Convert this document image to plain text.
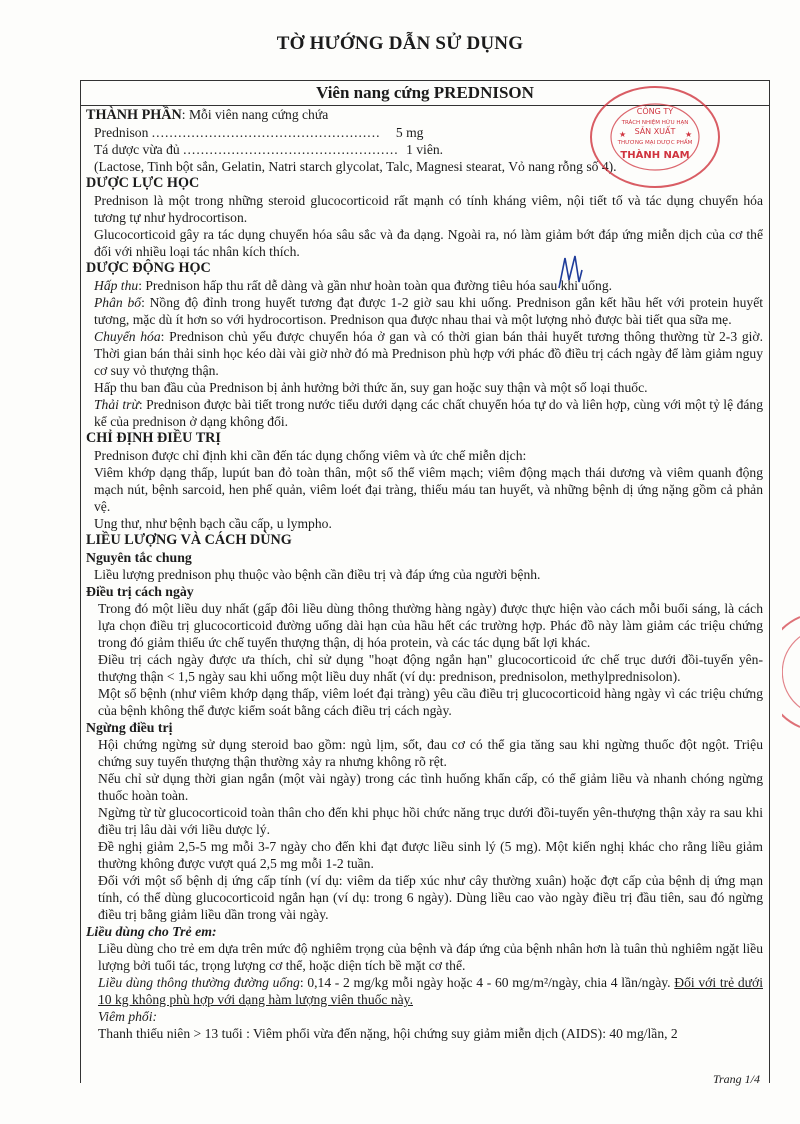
TỜ HƯỚNG DẪN SỬ DỤNG
Viên nang cứng PREDNISON
THÀNH PHẦN: Mỗi viên nang cứng chứa
Prednison .................................................... 5 mg
Tá dược vừa đủ ................................................. 1 viên.
(Lactose, Tinh bột sắn, Gelatin, Natri starch glycolat, Talc, Magnesi stearat, Vỏ nang rỗng số 4).
DƯỢC LỰC HỌC
Prednison là một trong những steroid glucocorticoid rất mạnh có tính kháng viêm, nội tiết tố và tác dụng chuyển hóa tương tự như hydrocortison.
Glucocorticoid gây ra tác dụng chuyển hóa sâu sắc và đa dạng. Ngoài ra, nó làm giảm bớt đáp ứng miễn dịch của cơ thể đối với nhiều loại tác nhân kích thích.
DƯỢC ĐỘNG HỌC
Hấp thu: Prednison hấp thu rất dễ dàng và gần như hoàn toàn qua đường tiêu hóa sau khi uống.
Phân bố: Nồng độ đỉnh trong huyết tương đạt được 1-2 giờ sau khi uống. Prednison gắn kết hầu hết với protein huyết tương, mặc dù ít hơn so với hydrocortison. Prednison qua được nhau thai và một lượng nhỏ được bài tiết qua sữa mẹ.
Chuyển hóa: Prednison chủ yếu được chuyển hóa ở gan và có thời gian bán thải huyết tương thông thường từ 2-3 giờ. Thời gian bán thải sinh học kéo dài vài giờ nhờ đó mà Prednison phù hợp với phác đồ điều trị cách ngày để làm giảm nguy cơ suy vỏ thượng thận.
Hấp thu ban đầu của Prednison bị ảnh hưởng bởi thức ăn, suy gan hoặc suy thận và một số loại thuốc.
Thải trừ: Prednison được bài tiết trong nước tiểu dưới dạng các chất chuyển hóa tự do và liên hợp, cùng với một tỷ lệ đáng kể của prednison ở dạng không đổi.
CHỈ ĐỊNH ĐIỀU TRỊ
Prednison được chỉ định khi cần đến tác dụng chống viêm và ức chế miễn dịch:
Viêm khớp dạng thấp, lupút ban đỏ toàn thân, một số thể viêm mạch; viêm động mạch thái dương và viêm quanh động mạch nút, bệnh sarcoid, hen phế quản, viêm loét đại tràng, thiếu máu tan huyết, và những bệnh dị ứng nặng gồm cả phản vệ.
Ung thư, như bệnh bạch cầu cấp, u lympho.
LIỀU LƯỢNG VÀ CÁCH DÙNG
Nguyên tắc chung
Liều lượng prednison phụ thuộc vào bệnh cần điều trị và đáp ứng của người bệnh.
Điều trị cách ngày
Trong đó một liều duy nhất (gấp đôi liều dùng thông thường hàng ngày) được thực hiện vào cách mỗi buổi sáng, là cách lựa chọn điều trị glucocorticoid đường uống dài hạn của hầu hết các trường hợp. Phác đồ này làm giảm các triệu chứng trong đó giảm thiểu ức chế tuyến thượng thận, dị hóa protein, và các tác dụng bất lợi khác.
Điều trị cách ngày được ưa thích, chỉ sử dụng "hoạt động ngắn hạn" glucocorticoid ức chế trục dưới đồi-tuyến yên-thượng thận < 1,5 ngày sau khi uống một liều duy nhất (ví dụ: prednison, prednisolon, methylprednisolon).
Một số bệnh (như viêm khớp dạng thấp, viêm loét đại tràng) yêu cầu điều trị glucocorticoid hàng ngày vì các triệu chứng của bệnh không thể được kiểm soát bằng cách điều trị cách ngày.
Ngừng điều trị
Hội chứng ngừng sử dụng steroid bao gồm: ngủ lịm, sốt, đau cơ có thể gia tăng sau khi ngừng thuốc đột ngột. Triệu chứng suy tuyến thượng thận thường xảy ra nhưng không rõ rệt.
Nếu chỉ sử dụng thời gian ngắn (một vài ngày) trong các tình huống khẩn cấp, có thể giảm liều và nhanh chóng ngừng thuốc hoàn toàn.
Ngừng từ từ glucocorticoid toàn thân cho đến khi phục hồi chức năng trục dưới đồi-tuyến yên-thượng thận xảy ra sau khi điều trị lâu dài với liều dược lý.
Đề nghị giảm 2,5-5 mg mỗi 3-7 ngày cho đến khi đạt được liều sinh lý (5 mg). Một kiến nghị khác cho rằng liều giảm thường không được vượt quá 2,5 mg mỗi 1-2 tuần.
Đối với một số bệnh dị ứng cấp tính (ví dụ: viêm da tiếp xúc như cây thường xuân) hoặc đợt cấp của bệnh dị ứng mạn tính, có thể dùng glucocorticoid ngắn hạn (ví dụ: trong 6 ngày). Dùng liều cao vào ngày điều trị đầu tiên, sau đó ngừng điều trị bằng giảm liều dần trong vài ngày.
Liều dùng cho Trẻ em:
Liều dùng cho trẻ em dựa trên mức độ nghiêm trọng của bệnh và đáp ứng của bệnh nhân hơn là tuân thủ nghiêm ngặt liều lượng bởi tuổi tác, trọng lượng cơ thể, hoặc diện tích bề mặt cơ thể.
Liều dùng thông thường đường uống: 0,14 - 2 mg/kg mỗi ngày hoặc 4 - 60 mg/m²/ngày, chia 4 lần/ngày. Đối với trẻ dưới 10 kg không phù hợp với dạng hàm lượng viên thuốc này.
Viêm phổi:
Thanh thiếu niên > 13 tuổi : Viêm phổi vừa đến nặng, hội chứng suy giảm miễn dịch (AIDS): 40 mg/lần, 2
CÔNG TY
TRÁCH NHIỆM HỮU HẠN
SẢN XUẤT
THƯƠNG MẠI DƯỢC PHẨM
THÀNH NAM
★	★
Trang 1/4
